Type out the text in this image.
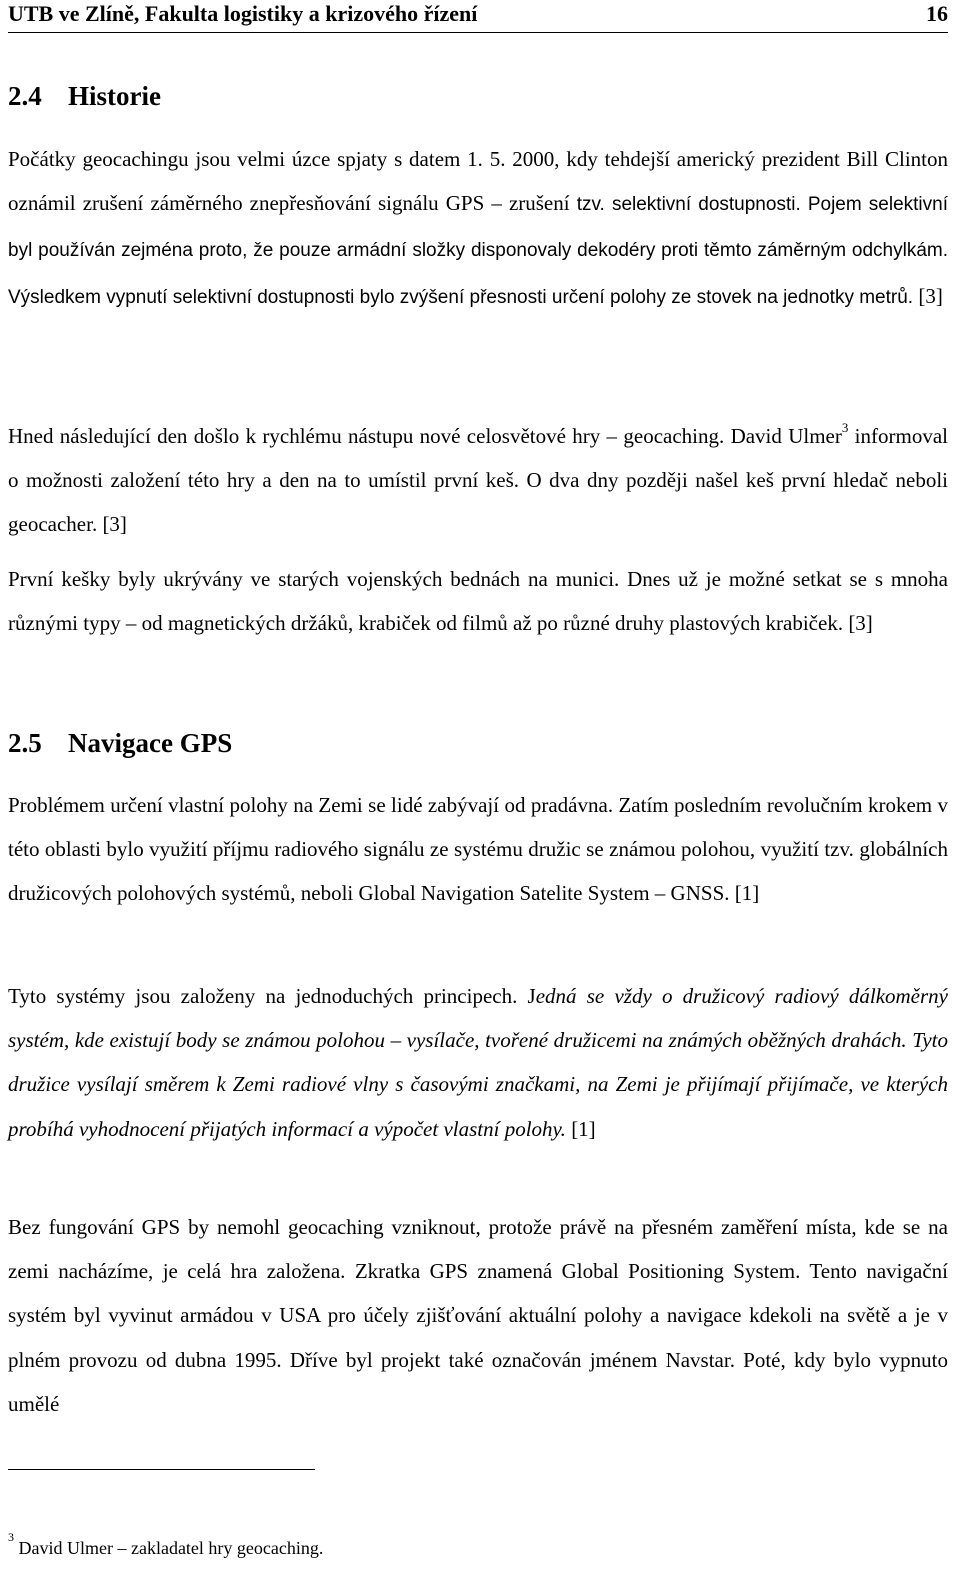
UTB ve Zlíně, Fakulta logistiky a krizového řízení	16
2.4 Historie

Počátky geocachingu jsou velmi úzce spjaty s datem 1. 5. 2000, kdy tehdejší americký prezident Bill Clinton oznámil zrušení záměrného znepřesňování signálu GPS – zrušení tzv. selektivní dostupnosti. Pojem selektivní byl používán zejména proto, že pouze armádní složky disponovaly dekodéry proti těmto záměrným odchylkám. Výsledkem vypnutí selektivní dostupnosti bylo zvýšení přesnosti určení polohy ze stovek na jednotky metrů. [3]

Hned následující den došlo k rychlému nástupu nové celosvětové hry – geocaching. David Ulmer$^3$ informoval o možnosti založení této hry a den na to umístil první keš. O dva dny později našel keš první hledač neboli geocacher. [3]

První kešky byly ukrývány ve starých vojenských bednách na munici. Dnes už je možné setkat se s mnoha různými typy – od magnetických držáků, krabiček od filmů až po různé druhy plastových krabiček. [3]

2.5 Navigace GPS

Problémem určení vlastní polohy na Zemi se lidé zabývají od pradávna. Zatím posledním revolučním krokem v této oblasti bylo využití příjmu radiového signálu ze systému družic se známou polohou, využití tzv. globálních družicových polohových systémů, neboli Global Navigation Satelite System – GNSS. [1]

Tyto systémy jsou založeny na jednoduchých principech. Jedná se vždy o družicový radiový dálkoměrný systém, kde existují body se známou polohou – vysílače, tvořené družicemi na známých oběžných drahách. Tyto družice vysílají směrem k Zemi radiové vlny s časovými značkami, na Zemi je přijímají přijímače, ve kterých probíhá vyhodnocení přijatých informací a výpočet vlastní polohy. [1]

Bez fungování GPS by nemohl geocaching vzniknout, protože právě na přesném zaměření místa, kde se na zemi nacházíme, je celá hra založena. Zkratka GPS znamená Global Positioning System. Tento navigační systém byl vyvinut armádou v USA pro účely zjišťování aktuální polohy a navigace kdekoli na světě a je v plném provozu od dubna 1995. Dříve byl projekt také označován jménem Navstar. Poté, kdy bylo vypnuto umělé

$^3$ David Ulmer – zakladatel hry geocaching.
